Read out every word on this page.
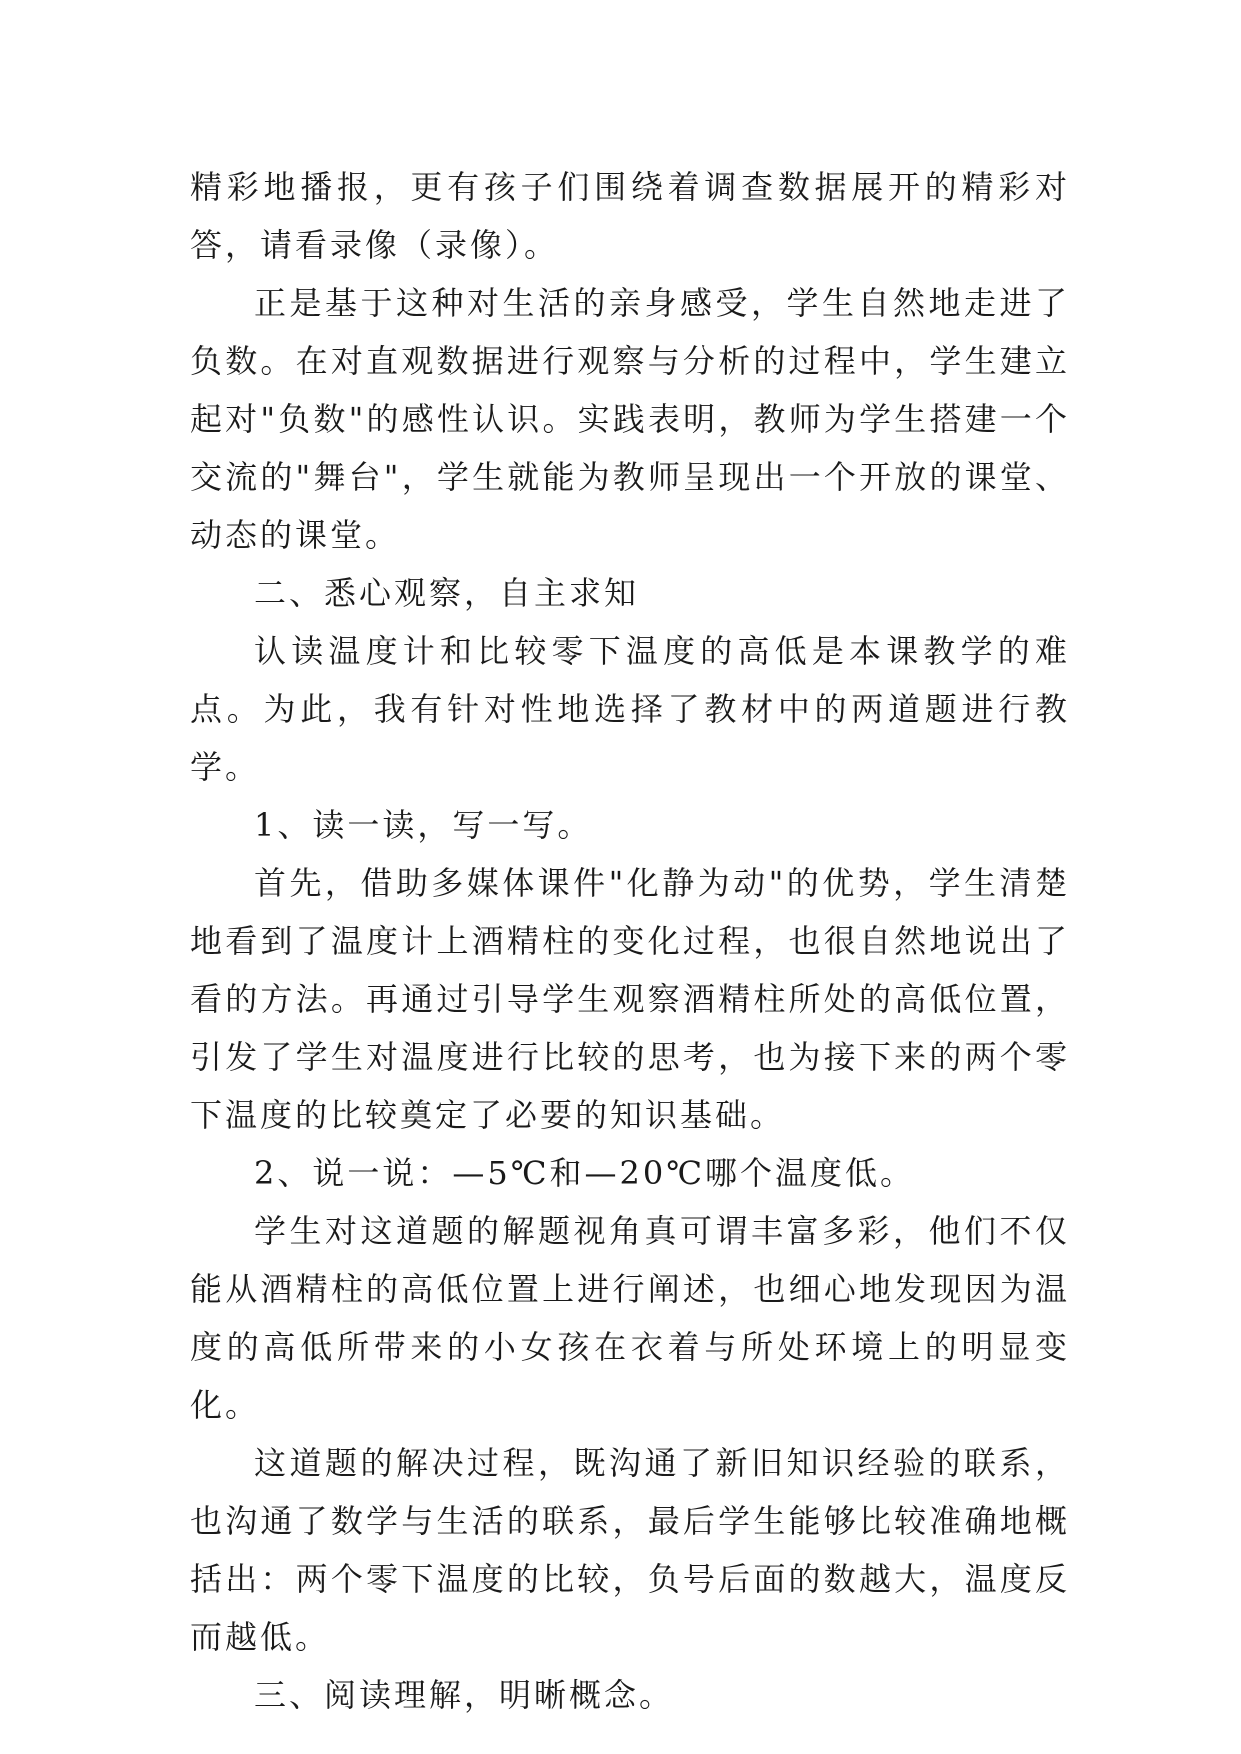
精彩地播报，更有孩子们围绕着调查数据展开的精彩对答，请看录像（录像）。

正是基于这种对生活的亲身感受，学生自然地走进了负数。在对直观数据进行观察与分析的过程中，学生建立起对"负数"的感性认识。实践表明，教师为学生搭建一个交流的"舞台"，学生就能为教师呈现出一个开放的课堂、动态的课堂。

二、悉心观察，自主求知

认读温度计和比较零下温度的高低是本课教学的难点。为此，我有针对性地选择了教材中的两道题进行教学。

1、读一读，写一写。

首先，借助多媒体课件"化静为动"的优势，学生清楚地看到了温度计上酒精柱的变化过程，也很自然地说出了看的方法。再通过引导学生观察酒精柱所处的高低位置，引发了学生对温度进行比较的思考，也为接下来的两个零下温度的比较奠定了必要的知识基础。

2、说一说：—5℃和—20℃哪个温度低。

学生对这道题的解题视角真可谓丰富多彩，他们不仅能从酒精柱的高低位置上进行阐述，也细心地发现因为温度的高低所带来的小女孩在衣着与所处环境上的明显变化。

这道题的解决过程，既沟通了新旧知识经验的联系，也沟通了数学与生活的联系，最后学生能够比较准确地概括出：两个零下温度的比较，负号后面的数越大，温度反而越低。

三、阅读理解，明晰概念。
